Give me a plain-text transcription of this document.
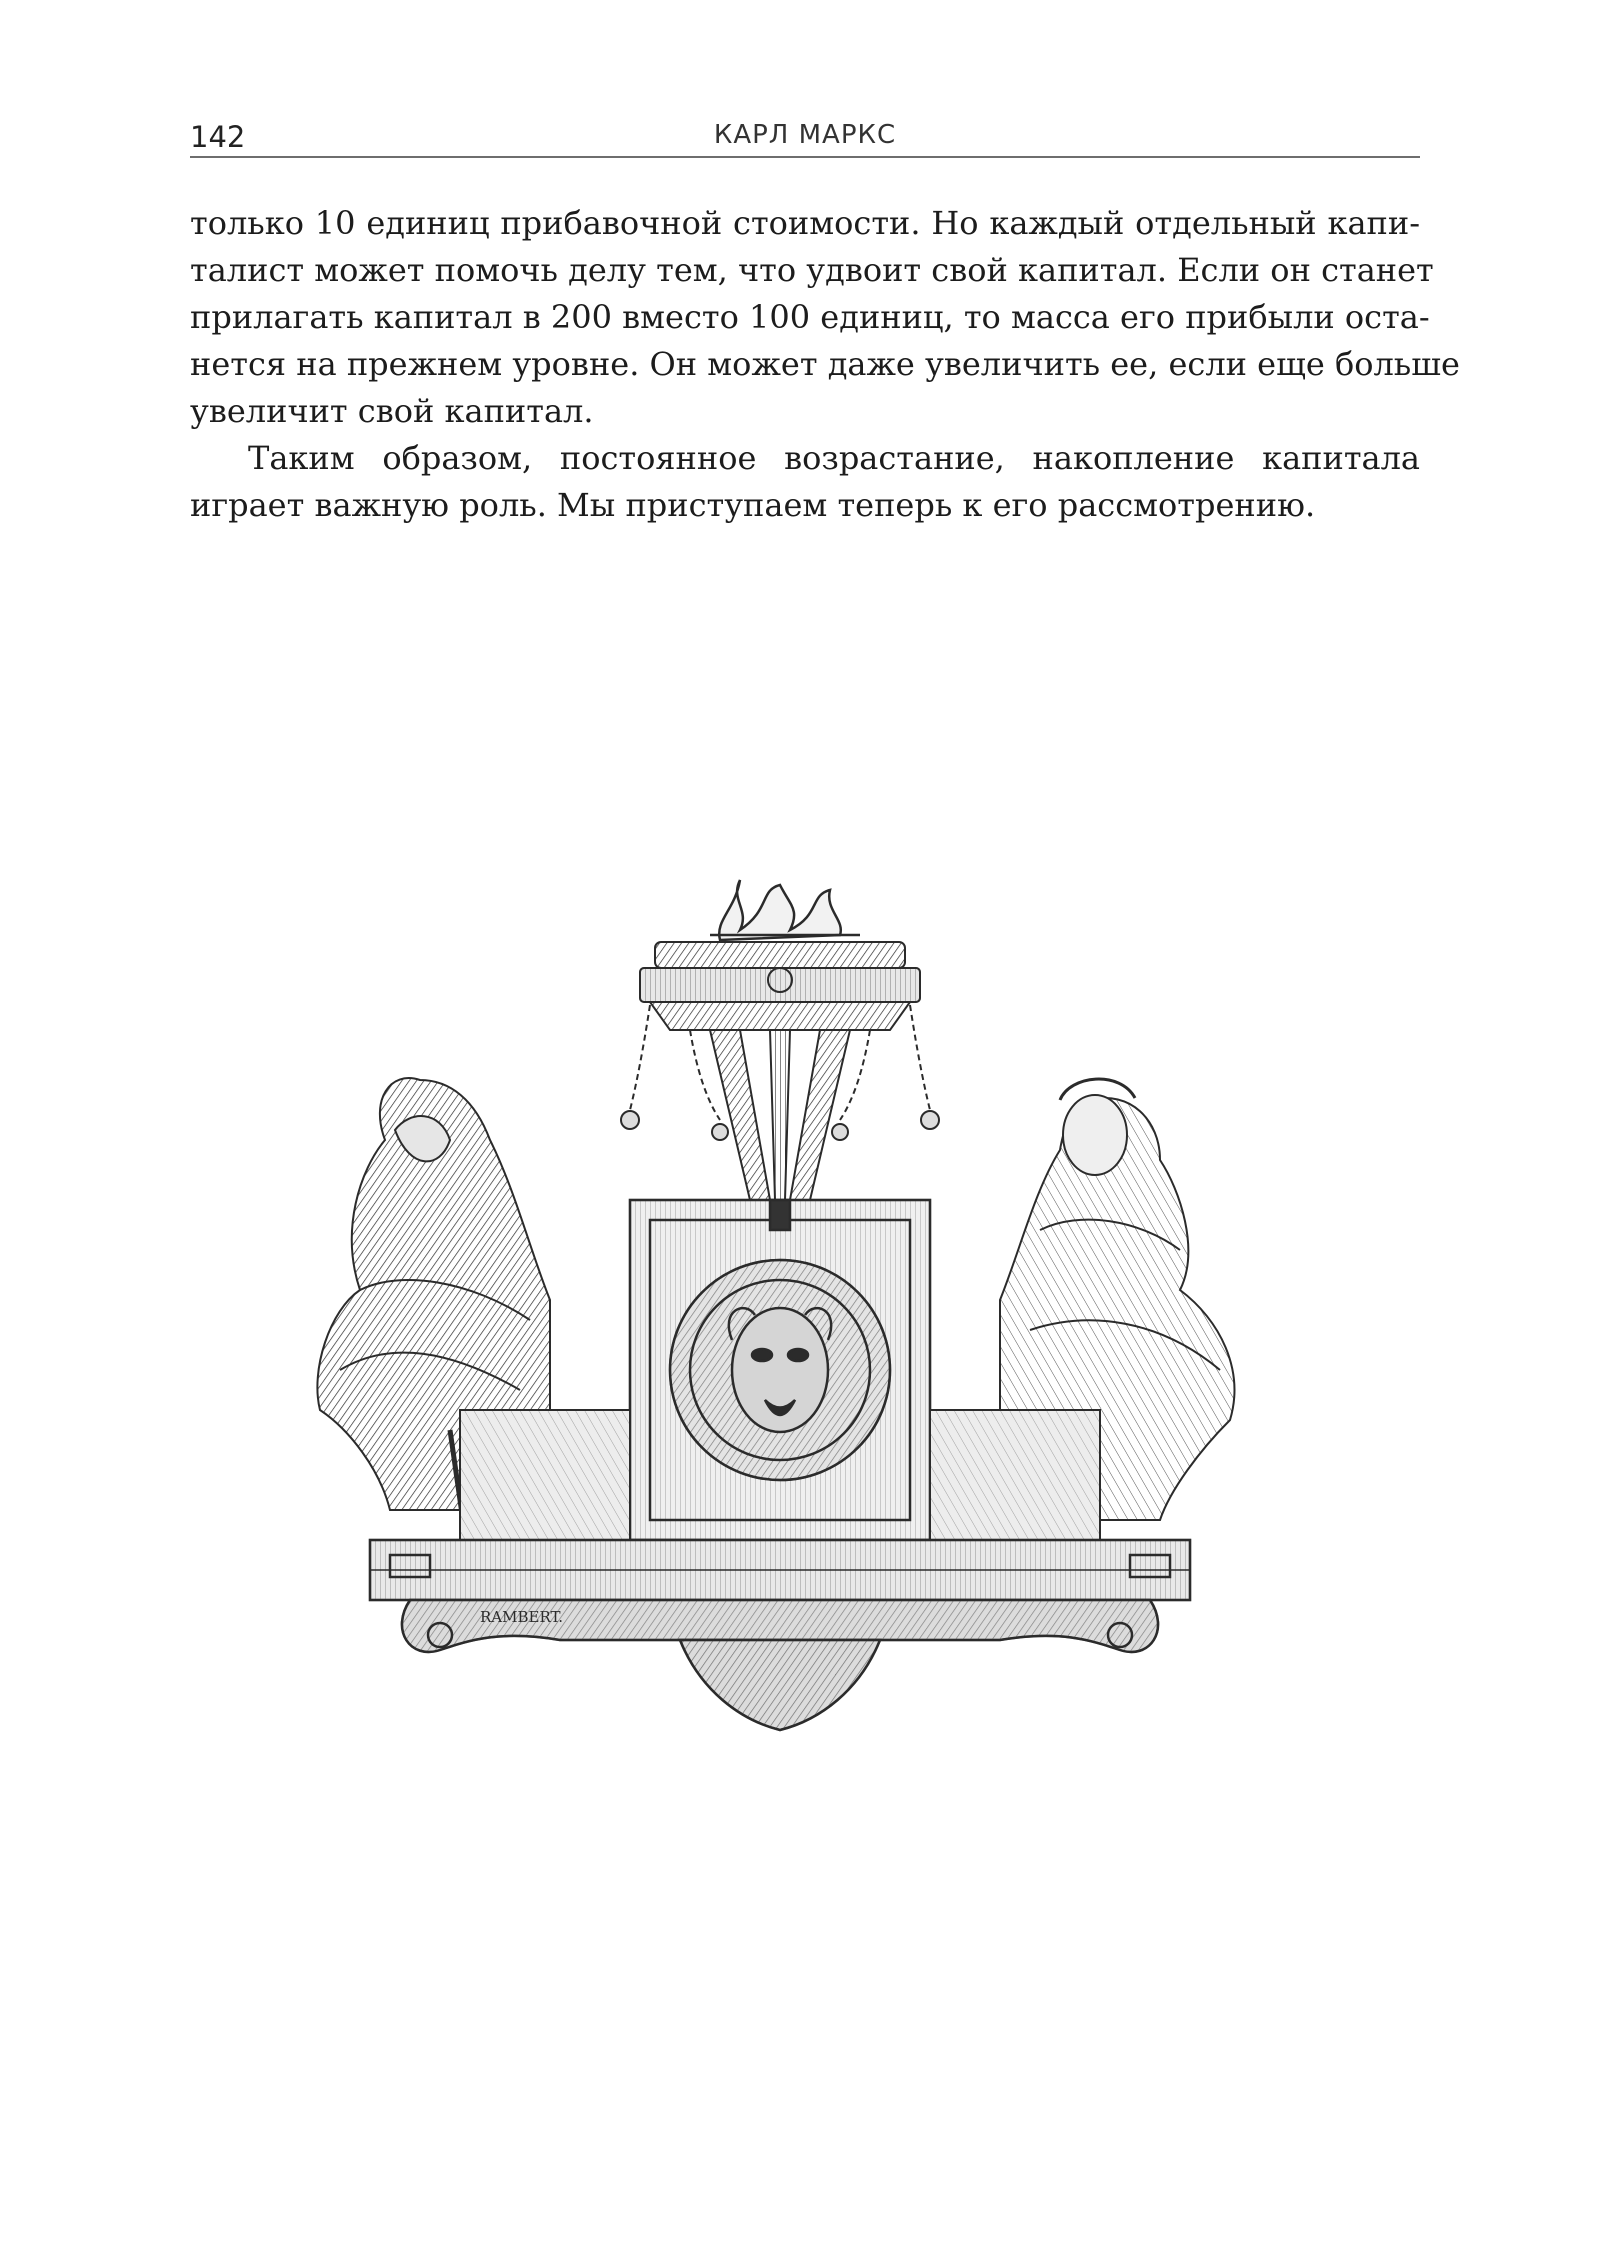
142	КАРЛ МАРКС

только 10 единиц прибавочной стоимости. Но каждый отдельный капи-

талист может помочь делу тем, что удвоит свой капитал. Если он станет

прилагать капитал в 200 вместо 100 единиц, то масса его прибыли оста-

нется на прежнем уровне. Он может даже увеличить ее, если еще больше

увеличит свой капитал.

Таким образом, постоянное возрастание, накопление капитала

играет важную роль. Мы приступаем теперь к его рассмотрению.

RAMBERT.
